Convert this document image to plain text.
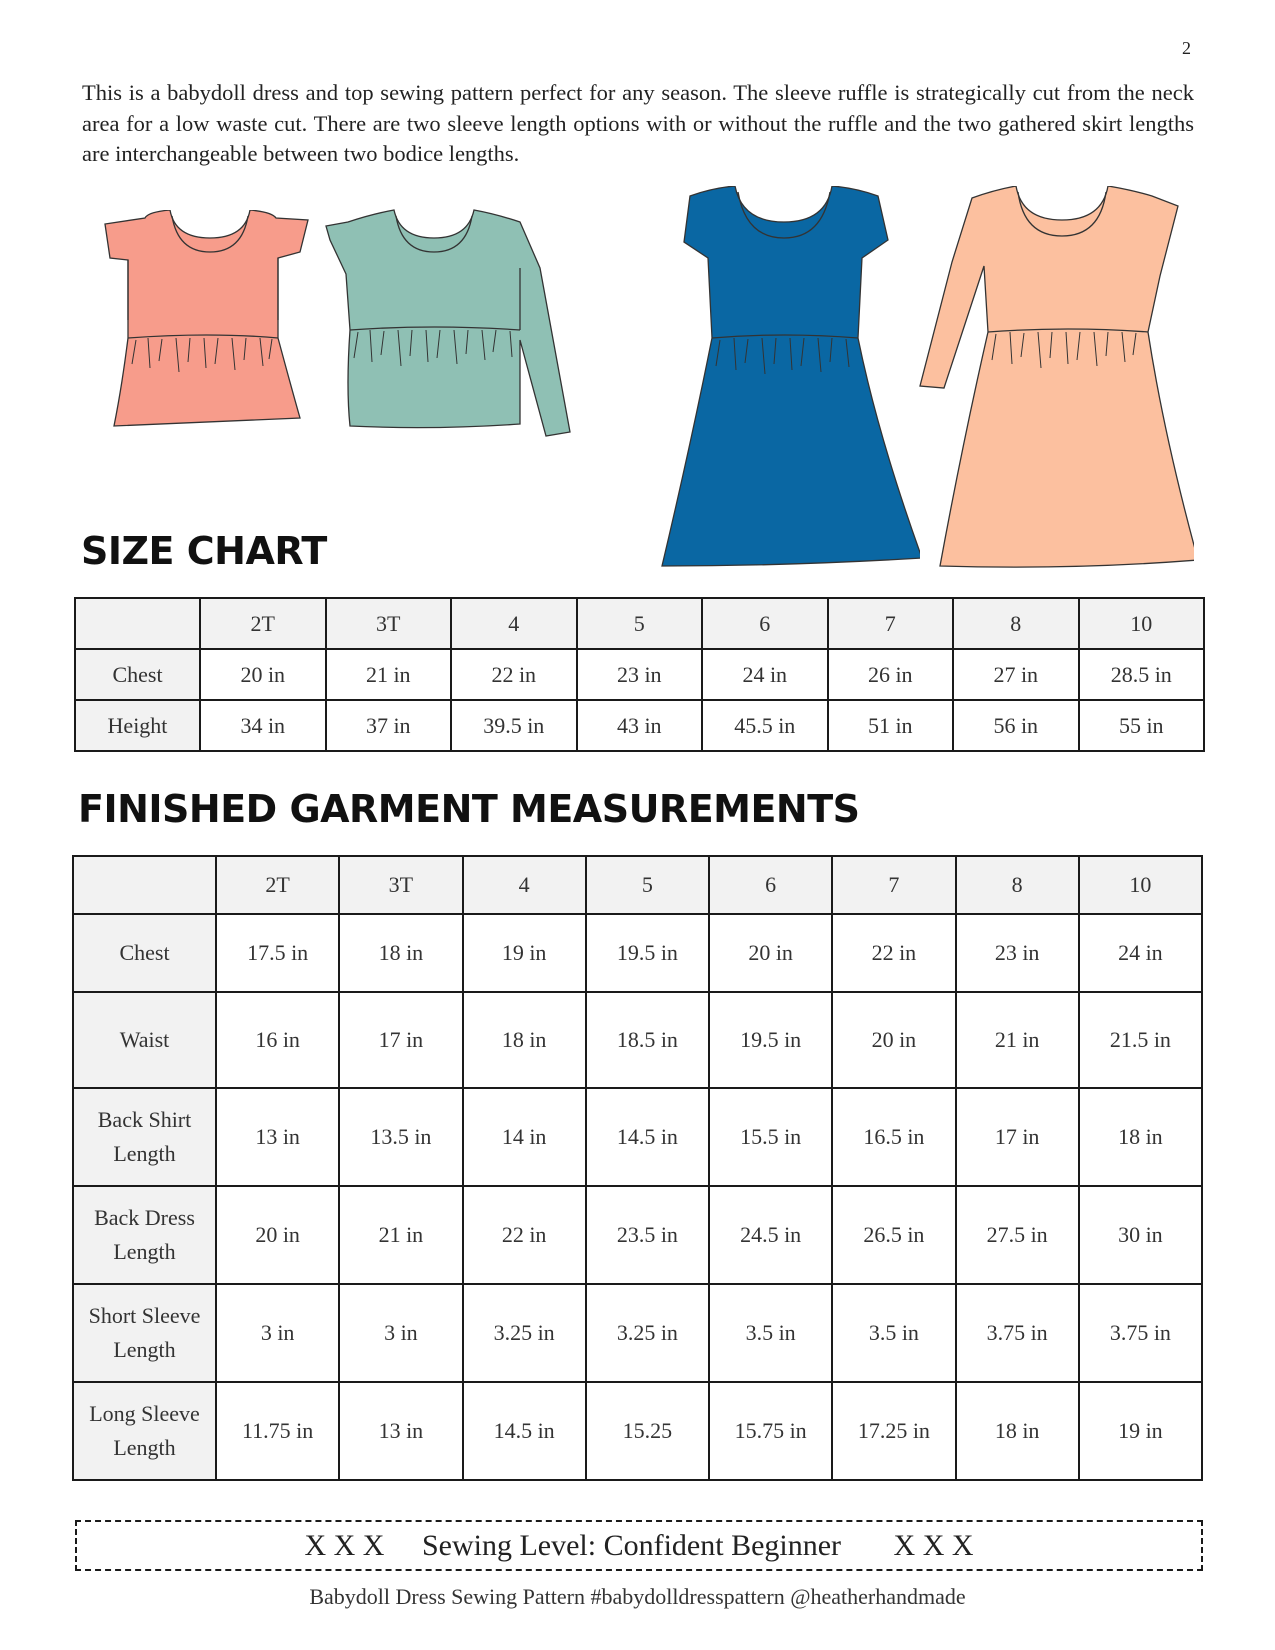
2

This is a babydoll dress and top sewing pattern perfect for any season. The sleeve ruffle is strategically cut from the neck area for a low waste cut. There are two sleeve length options with or without the ruffle and the two gathered skirt lengths are interchangeable between two bodice lengths.

SIZE CHART
	2T	3T	4	5	6	7	8	10
Chest	20 in	21 in	22 in	23 in	24 in	26 in	27 in	28.5 in
Height	34 in	37 in	39.5 in	43 in	45.5 in	51 in	56 in	55 in
FINISHED GARMENT MEASUREMENTS
	2T	3T	4	5	6	7	8	10
Chest	17.5 in	18 in	19 in	19.5 in	20 in	22 in	23 in	24 in
Waist	16 in	17 in	18 in	18.5 in	19.5 in	20 in	21 in	21.5 in
Back Shirt Length	13 in	13.5 in	14 in	14.5 in	15.5 in	16.5 in	17 in	18 in
Back Dress Length	20 in	21 in	22 in	23.5 in	24.5 in	26.5 in	27.5 in	30 in
Short Sleeve Length	3 in	3 in	3.25 in	3.25 in	3.5 in	3.5 in	3.75 in	3.75 in
Long Sleeve Length	11.75 in	13 in	14.5 in	15.25	15.75 in	17.25 in	18 in	19 in
X X X Sewing Level: Confident Beginner X X X
Babydoll Dress Sewing Pattern #babydolldresspattern @heatherhandmade
